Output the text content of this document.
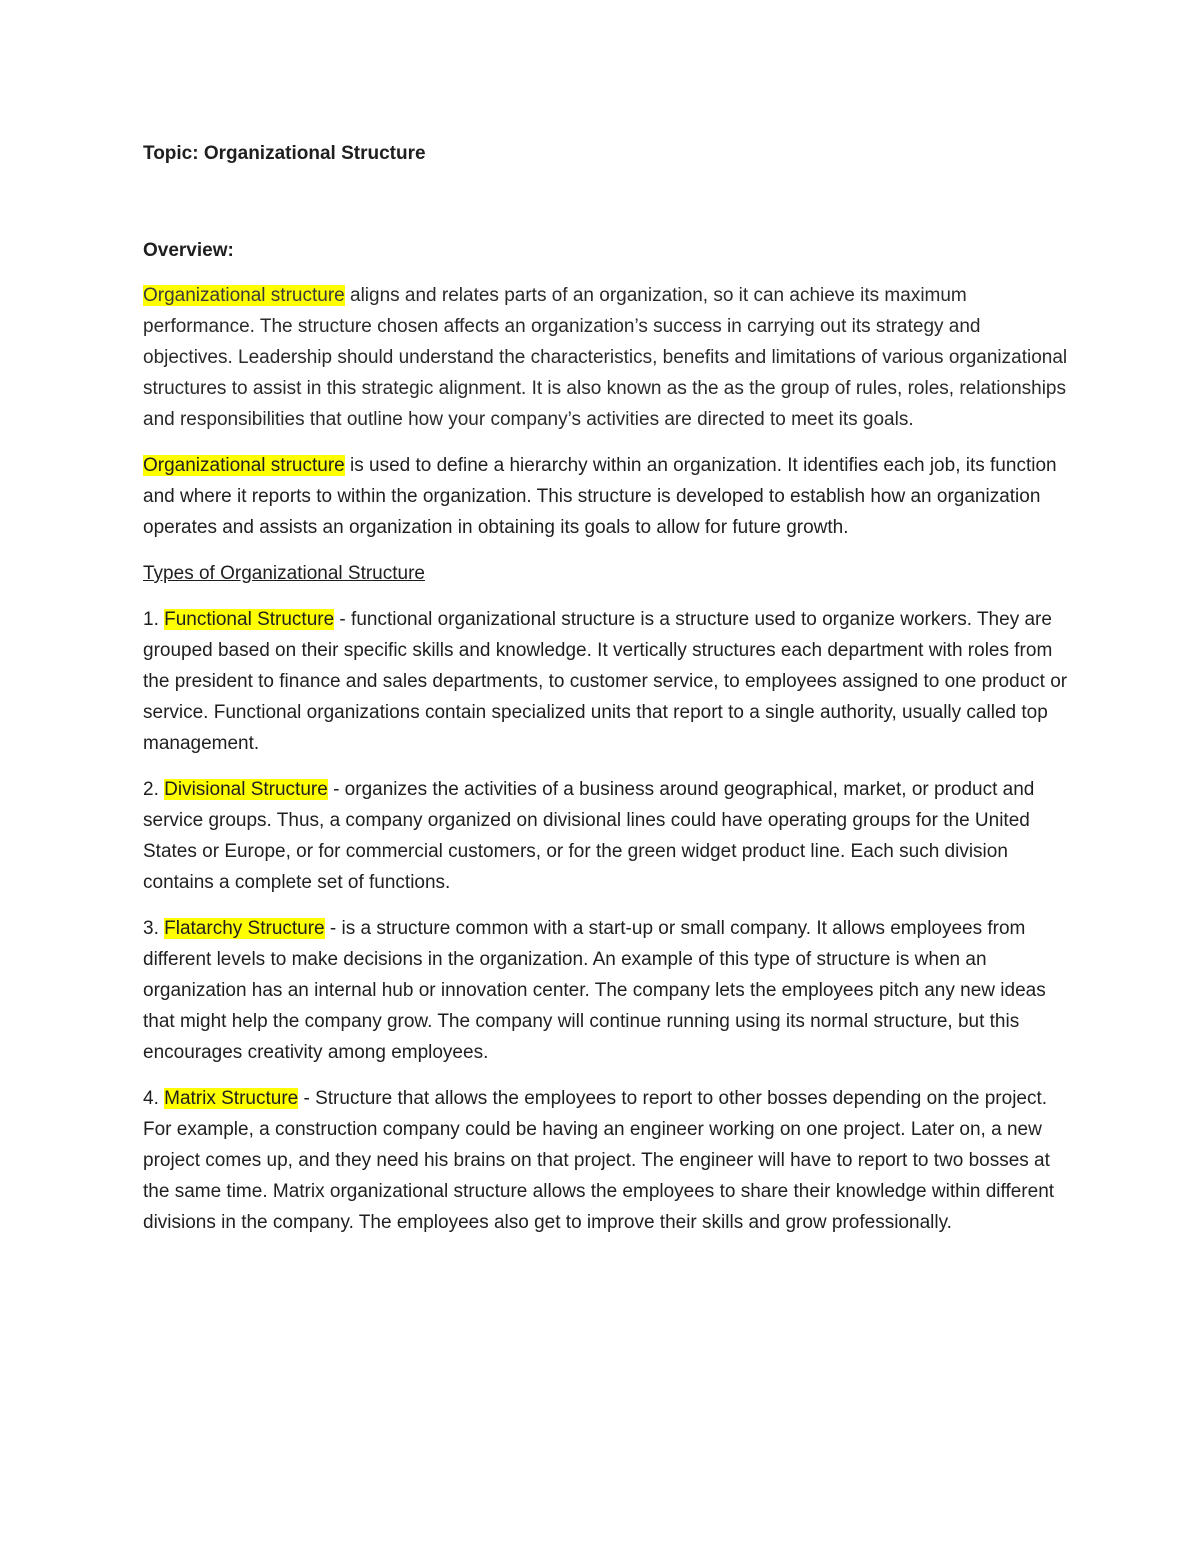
Topic: Organizational Structure

Overview:

Organizational structure aligns and relates parts of an organization, so it can achieve its maximum performance. The structure chosen affects an organization’s success in carrying out its strategy and objectives. Leadership should understand the characteristics, benefits and limitations of various organizational structures to assist in this strategic alignment. It is also known as the as the group of rules, roles, relationships and responsibilities that outline how your company’s activities are directed to meet its goals.

Organizational structure is used to define a hierarchy within an organization. It identifies each job, its function and where it reports to within the organization. This structure is developed to establish how an organization operates and assists an organization in obtaining its goals to allow for future growth.

Types of Organizational Structure

1. Functional Structure - functional organizational structure is a structure used to organize workers. They are grouped based on their specific skills and knowledge. It vertically structures each department with roles from the president to finance and sales departments, to customer service, to employees assigned to one product or service. Functional organizations contain specialized units that report to a single authority, usually called top management.

2. Divisional Structure - organizes the activities of a business around geographical, market, or product and service groups. Thus, a company organized on divisional lines could have operating groups for the United States or Europe, or for commercial customers, or for the green widget product line. Each such division contains a complete set of functions.

3. Flatarchy Structure - is a structure common with a start-up or small company. It allows employees from different levels to make decisions in the organization. An example of this type of structure is when an organization has an internal hub or innovation center. The company lets the employees pitch any new ideas that might help the company grow. The company will continue running using its normal structure, but this encourages creativity among employees.

4. Matrix Structure - Structure that allows the employees to report to other bosses depending on the project. For example, a construction company could be having an engineer working on one project. Later on, a new project comes up, and they need his brains on that project. The engineer will have to report to two bosses at the same time. Matrix organizational structure allows the employees to share their knowledge within different divisions in the company. The employees also get to improve their skills and grow professionally.
